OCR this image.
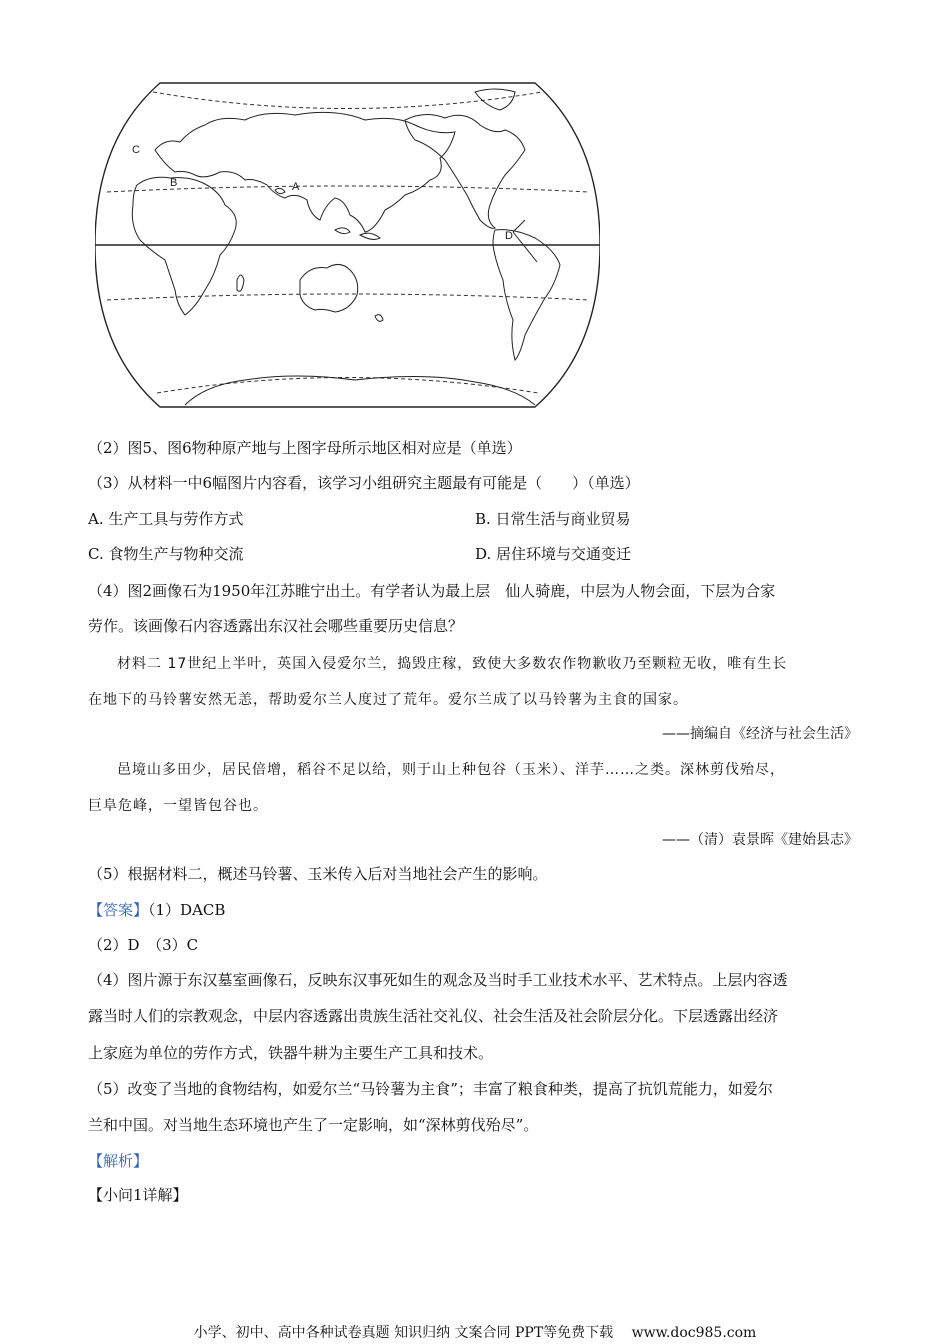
C
B	A
D
（2）图5、图6物种原产地与上图字母所示地区相对应是（单选）
（3）从材料一中6幅图片内容看，该学习小组研究主题最有可能是（　　）（单选）
A. 生产工具与劳作方式	B. 日常生活与商业贸易
C. 食物生产与物种交流	D. 居住环境与交通变迁
（4）图2画像石为1950年江苏睢宁出土。有学者认为最上层　仙人骑鹿，中层为人物会面，下层为合家
劳作。该画像石内容透露出东汉社会哪些重要历史信息？
材料二 17世纪上半叶，英国入侵爱尔兰，捣毁庄稼，致使大多数农作物歉收乃至颗粒无收，唯有生长
在地下的马铃薯安然无恙，帮助爱尔兰人度过了荒年。爱尔兰成了以马铃薯为主食的国家。
——摘编自《经济与社会生活》
邑境山多田少，居民倍增，稻谷不足以给，则于山上种包谷（玉米）、洋芋……之类。深林剪伐殆尽，
巨阜危峰，一望皆包谷也。
——（清）袁景晖《建始县志》
（5）根据材料二，概述马铃薯、玉米传入后对当地社会产生的影响。
【答案】（1）DACB
（2）D　（3）C
（4）图片源于东汉墓室画像石，反映东汉事死如生的观念及当时手工业技术水平、艺术特点。上层内容透
露当时人们的宗教观念，中层内容透露出贵族生活社交礼仪、社会生活及社会阶层分化。下层透露出经济
上家庭为单位的劳作方式，铁器牛耕为主要生产工具和技术。
（5）改变了当地的食物结构，如爱尔兰“马铃薯为主食”；丰富了粮食种类，提高了抗饥荒能力，如爱尔
兰和中国。对当地生态环境也产生了一定影响，如“深林剪伐殆尽”。
【解析】
【小问1详解】
小学、初中、高中各种试卷真题 知识归纳 文案合同 PPT等免费下载　 www.doc985.com
